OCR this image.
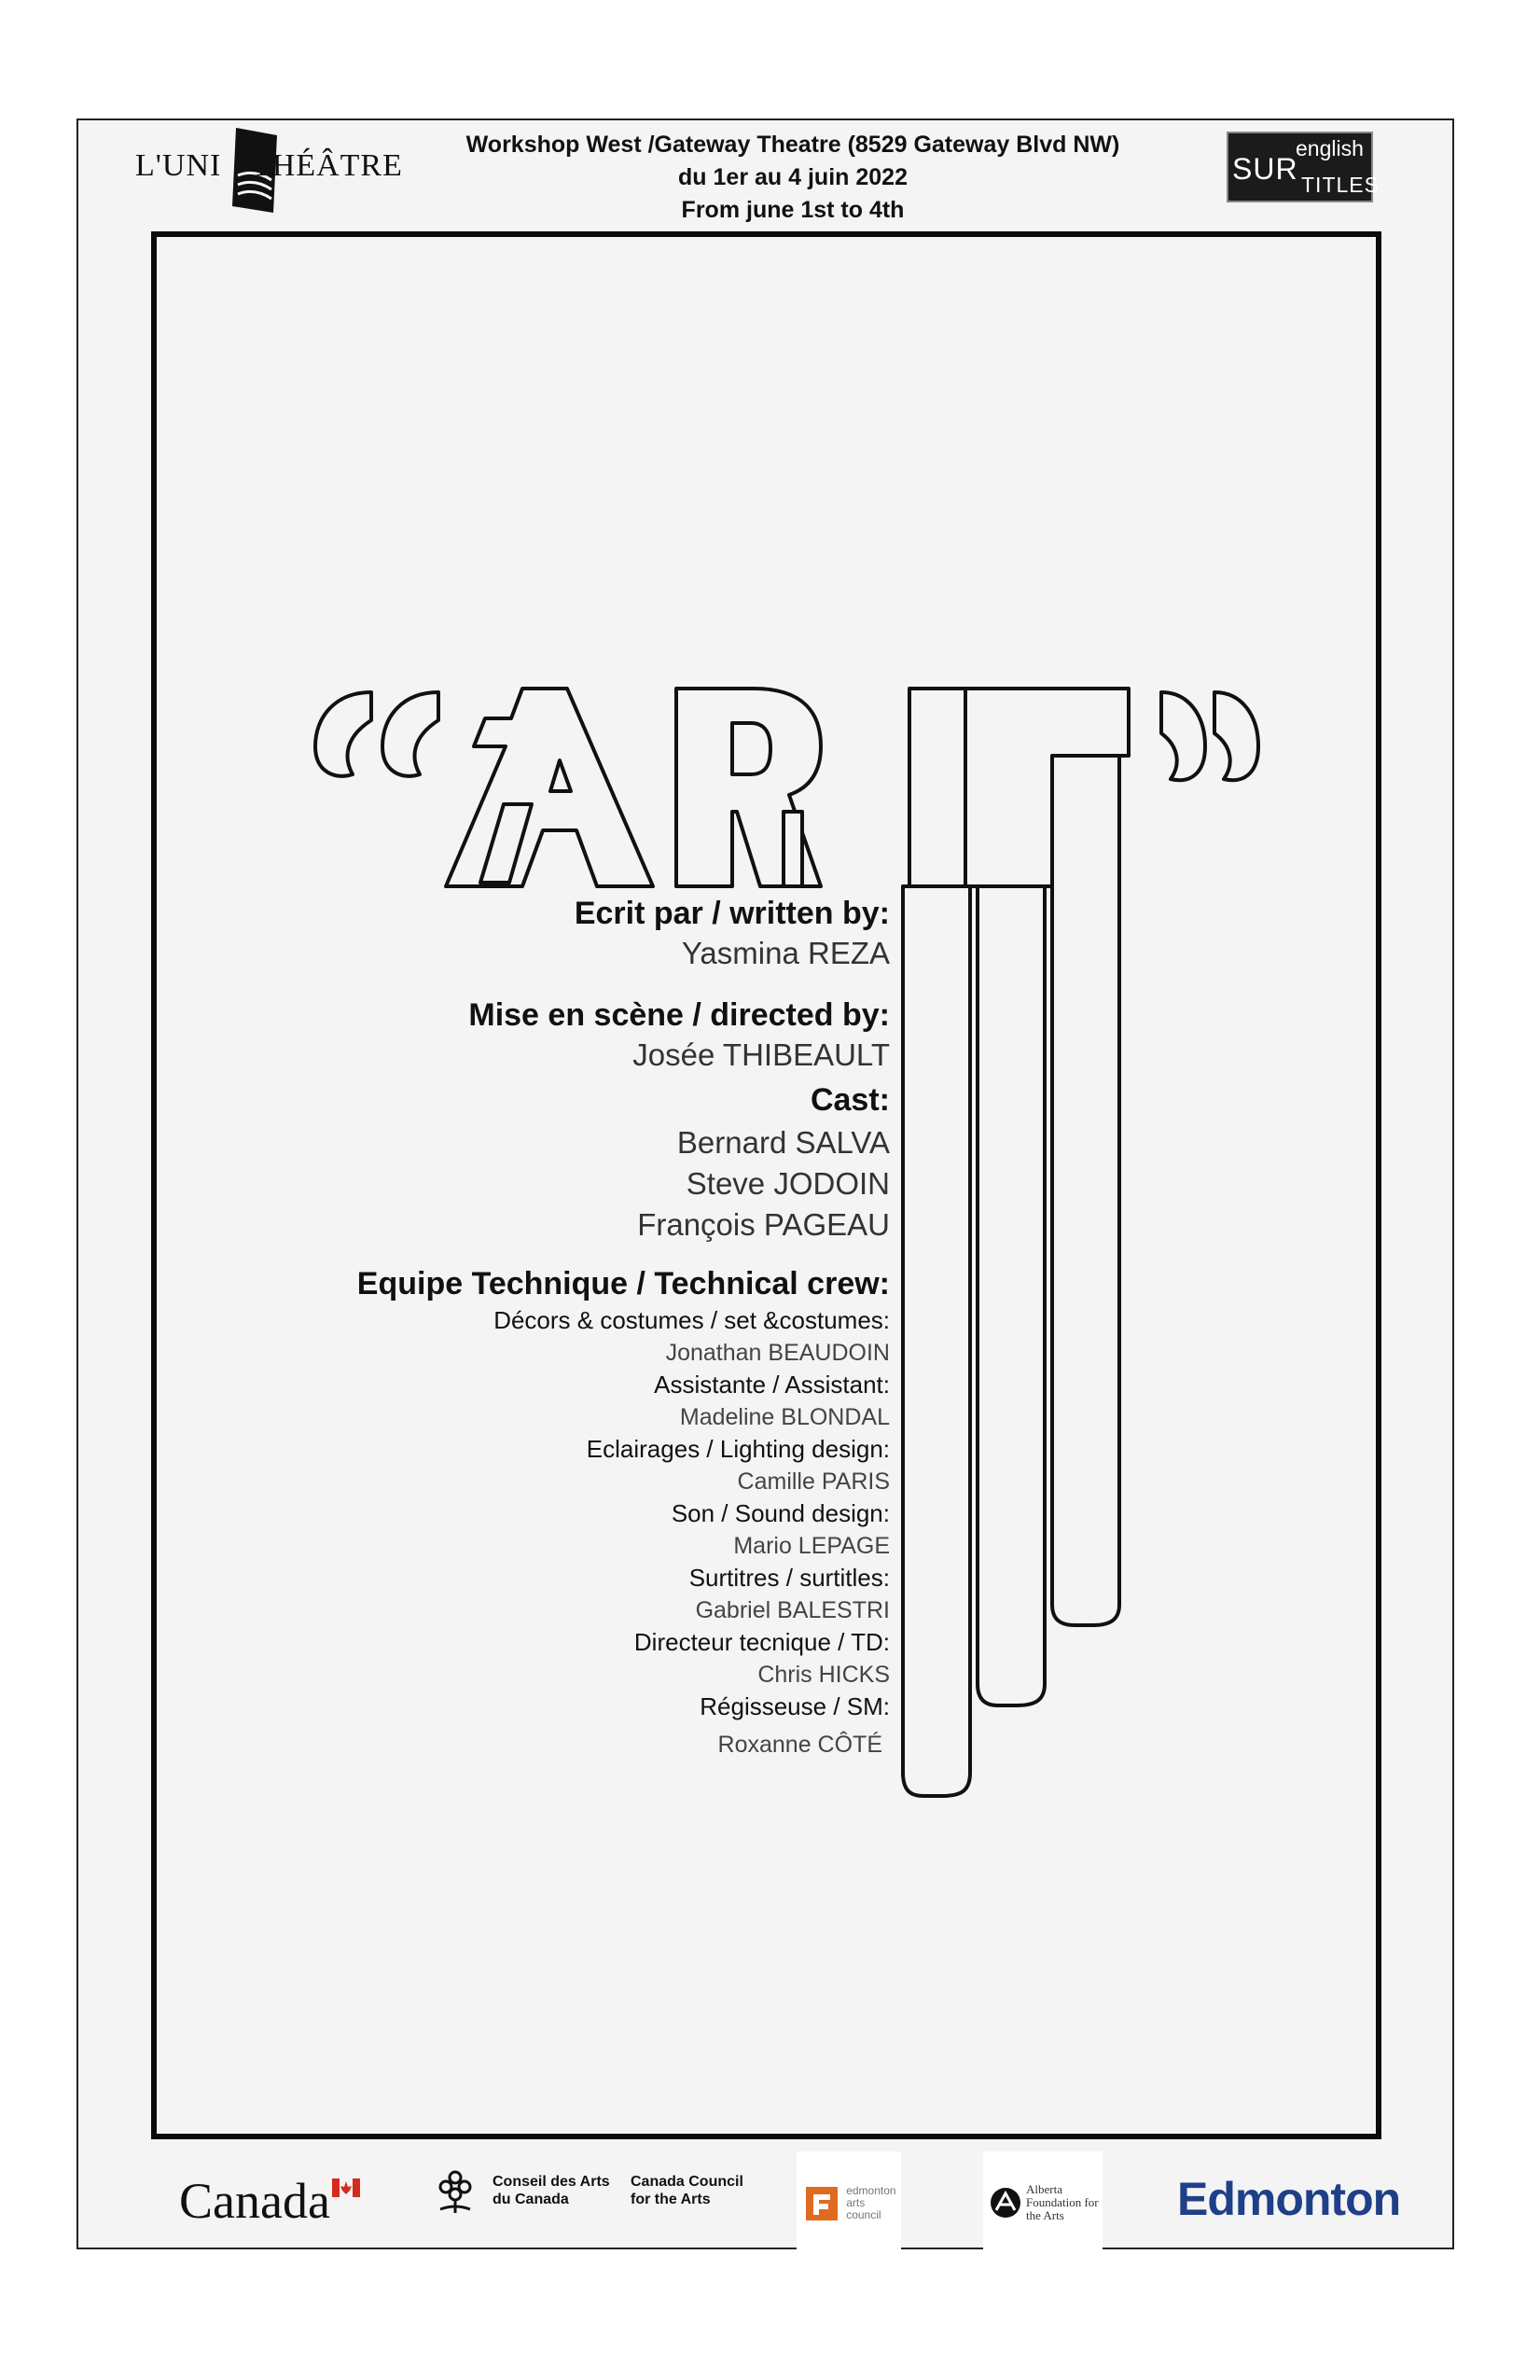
L'UNI THÉÂTRE
Workshop West /Gateway Theatre (8529 Gateway Blvd NW)
du 1er au 4 juin 2022
From june 1st to 4th
english
SUR TITLES
Ecrit par / written by:
Yasmina REZA
Mise en scène / directed by:
Josée THIBEAULT
Cast:
Bernard SALVA
Steve JODOIN
François PAGEAU
Equipe Technique / Technical crew:
Décors & costumes / set &costumes:
Jonathan BEAUDOIN
Assistante / Assistant:
Madeline BLONDAL
Eclairages / Lighting design:
Camille PARIS
Son / Sound design:
Mario LEPAGE
Surtitres / surtitles:
Gabriel BALESTRI
Directeur tecnique / TD:
Chris HICKS
Régisseuse / SM:
Roxanne CÔTÉ
Canada	Conseil des Arts du Canada
Canada Council for the Arts
edmonton arts council
Alberta Foundation for the Arts	Edmonton
